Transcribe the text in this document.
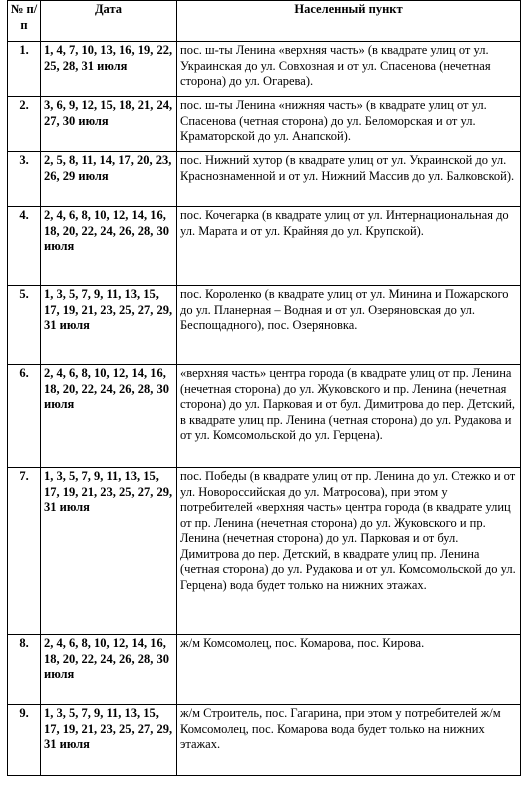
№ п/п	Дата	Населенный пункт
1.	1, 4, 7, 10, 13, 16, 19, 22, 25, 28, 31 июля	пос. ш-ты Ленина «верхняя часть» (в квадрате улиц от ул. Украинская до ул. Совхозная и от ул. Спасенова (нечетная сторона) до ул. Огарева).
2.	3, 6, 9, 12, 15, 18, 21, 24, 27, 30 июля	пос. ш-ты Ленина «нижняя часть» (в квадрате улиц от ул. Спасенова (четная сторона) до ул. Беломорская и от ул. Краматорской до ул. Анапской).
3.	2, 5, 8, 11, 14, 17, 20, 23, 26, 29 июля	пос. Нижний хутор (в квадрате улиц от ул. Украинской до ул. Краснознаменной и от ул. Нижний Массив до ул. Балковской).
4.	2, 4, 6, 8, 10, 12, 14, 16, 18, 20, 22, 24, 26, 28, 30 июля	пос. Кочегарка (в квадрате улиц от ул. Интернациональная до ул. Марата и от ул. Крайняя до ул. Крупской).
5.	1, 3, 5, 7, 9, 11, 13, 15, 17, 19, 21, 23, 25, 27, 29, 31 июля	пос. Короленко (в квадрате улиц от ул. Минина и Пожарского до ул. Планерная – Водная и от ул. Озеряновская до ул. Беспощадного), пос. Озеряновка.
6.	2, 4, 6, 8, 10, 12, 14, 16, 18, 20, 22, 24, 26, 28, 30 июля	«верхняя часть» центра города (в квадрате улиц от пр. Ленина (нечетная сторона) до ул. Жуковского и пр. Ленина (нечетная сторона) до ул. Парковая и от бул. Димитрова до пер. Детский, в квадрате улиц пр. Ленина (четная сторона) до ул. Рудакова и от ул. Комсомольской до ул. Герцена).
7.	1, 3, 5, 7, 9, 11, 13, 15, 17, 19, 21, 23, 25, 27, 29, 31 июля	пос. Победы (в квадрате улиц от пр. Ленина до ул. Стежко и от ул. Новороссийская до ул. Матросова), при этом у потребителей «верхняя часть» центра города (в квадрате улиц от пр. Ленина (нечетная сторона) до ул. Жуковского и пр. Ленина (нечетная сторона) до ул. Парковая и от бул. Димитрова до пер. Детский, в квадрате улиц пр. Ленина (четная сторона) до ул. Рудакова и от ул. Комсомольской до ул. Герцена) вода будет только на нижних этажах.
8.	2, 4, 6, 8, 10, 12, 14, 16, 18, 20, 22, 24, 26, 28, 30 июля	ж/м Комсомолец, пос. Комарова, пос. Кирова.
9.	1, 3, 5, 7, 9, 11, 13, 15, 17, 19, 21, 23, 25, 27, 29, 31 июля	ж/м Строитель, пос. Гагарина, при этом у потребителей ж/м Комсомолец, пос. Комарова вода будет только на нижних этажах.
